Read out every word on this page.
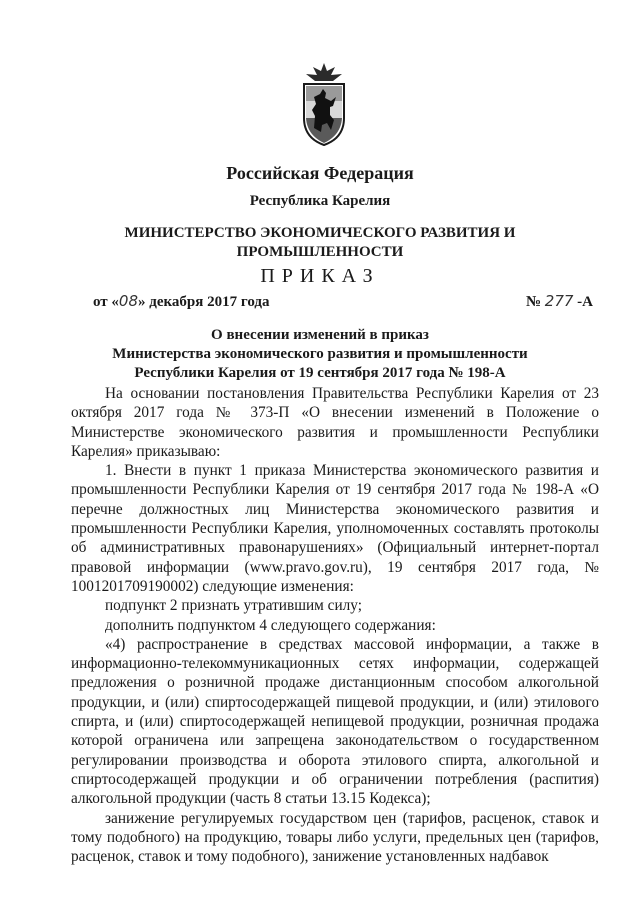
Российская Федерация
Республика Карелия
МИНИСТЕРСТВО ЭКОНОМИЧЕСКОГО РАЗВИТИЯ И
ПРОМЫШЛЕННОСТИ
ПРИКАЗ
от «08» декабря 2017 года	№ 277 -А
О внесении изменений в приказ
Министерства экономического развития и промышленности
Республики Карелия от 19 сентября 2017 года № 198-А

На основании постановления Правительства Республики Карелия от 23 октября 2017 года № 373-П «О внесении изменений в Положение о Министерстве экономического развития и промышленности Республики Карелия» приказываю:

1. Внести в пункт 1 приказа Министерства экономического развития и промышленности Республики Карелия от 19 сентября 2017 года № 198-А «О перечне должностных лиц Министерства экономического развития и промышленности Республики Карелия, уполномоченных составлять протоколы об административных правонарушениях» (Официальный интернет-портал правовой информации (www.pravo.gov.ru), 19 сентября 2017 года, № 1001201709190002) следующие изменения:

подпункт 2 признать утратившим силу;

дополнить подпунктом 4 следующего содержания:

«4) распространение в средствах массовой информации, а также в информационно-телекоммуникационных сетях информации, содержащей предложения о розничной продаже дистанционным способом алкогольной продукции, и (или) спиртосодержащей пищевой продукции, и (или) этилового спирта, и (или) спиртосодержащей непищевой продукции, розничная продажа которой ограничена или запрещена законодательством о государственном регулировании производства и оборота этилового спирта, алкогольной и спиртосодержащей продукции и об ограничении потребления (распития) алкогольной продукции (часть 8 статьи 13.15 Кодекса);

занижение регулируемых государством цен (тарифов, расценок, ставок и тому подобного) на продукцию, товары либо услуги, предельных цен (тарифов, расценок, ставок и тому подобного), занижение установленных надбавок
